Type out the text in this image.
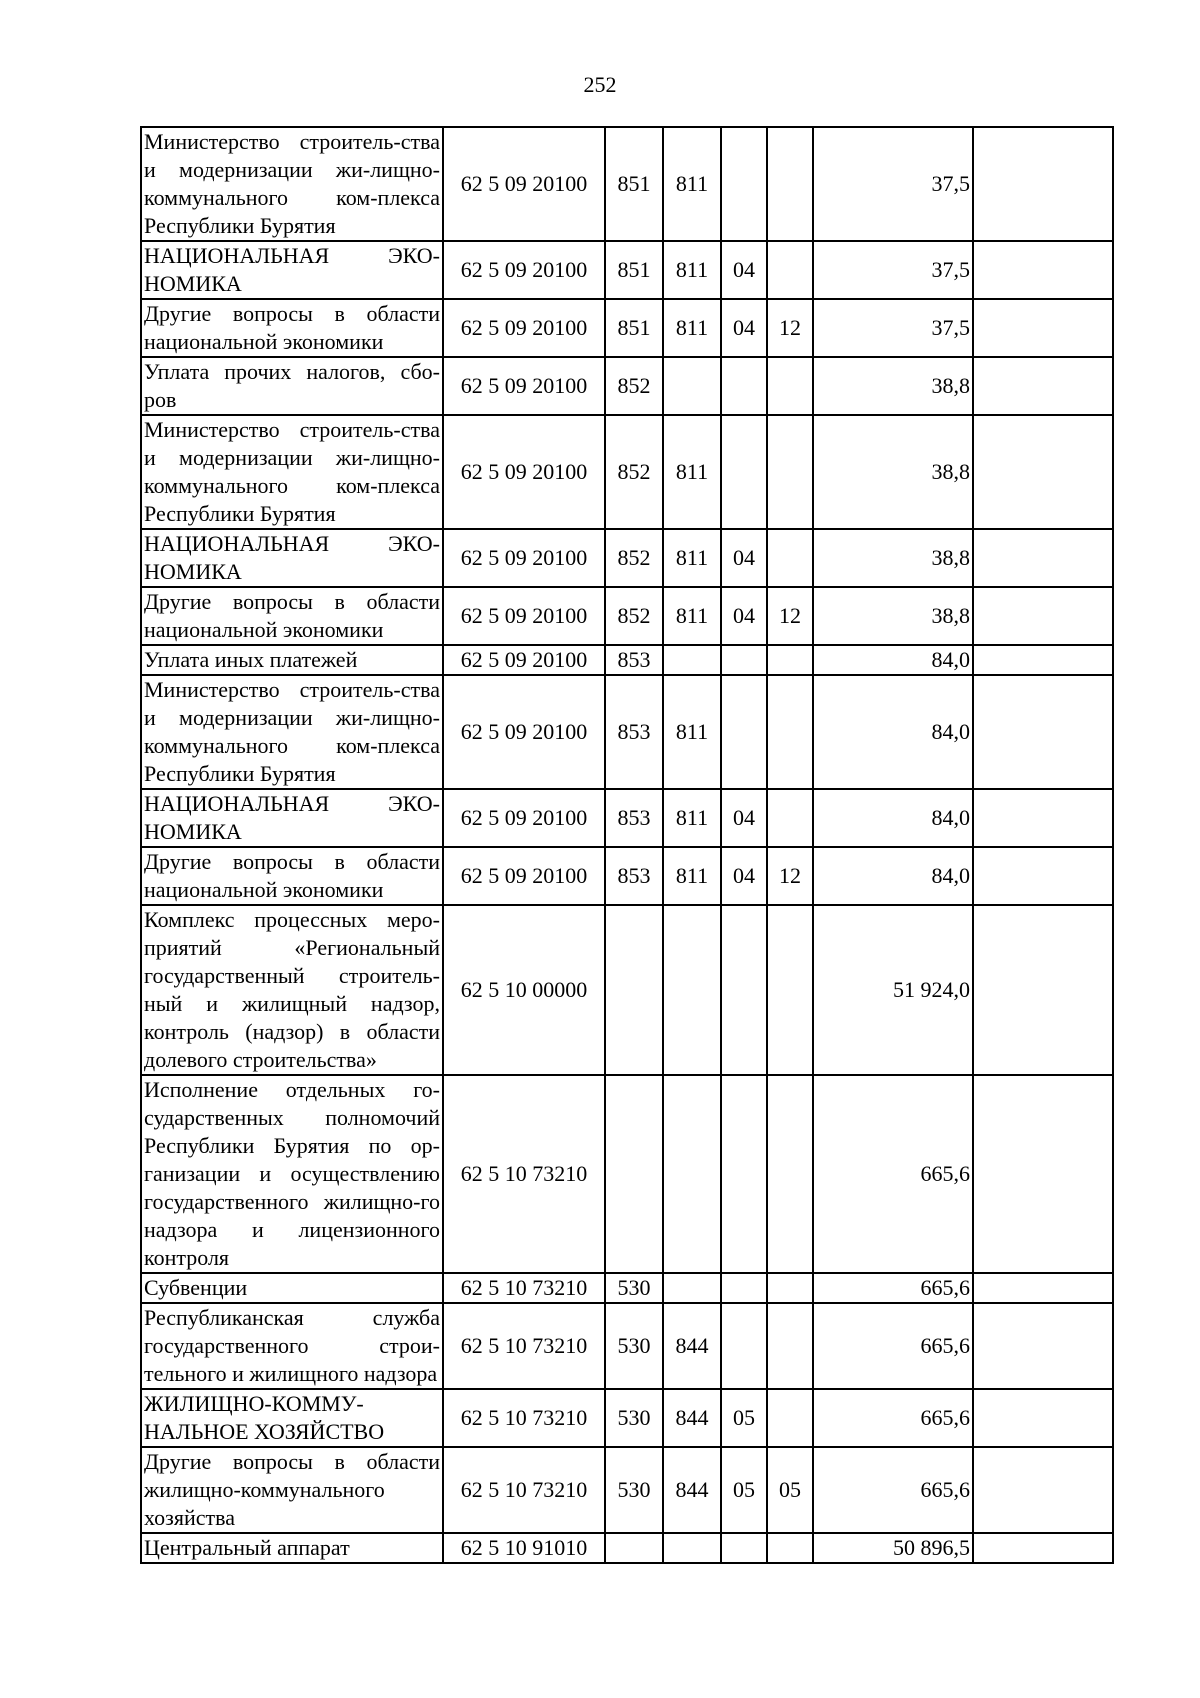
252
Министерство строитель-ства и модернизации жи-лищно-коммунального ком-плекса Республики Бурятия	62 5 09 20100	851	811			37,5	
НАЦИОНАЛЬНАЯ ЭКО-НОМИКА	62 5 09 20100	851	811	04		37,5	
Другие вопросы в области национальной экономики	62 5 09 20100	851	811	04	12	37,5	
Уплата прочих налогов, сбо-ров	62 5 09 20100	852				38,8	
Министерство строитель-ства и модернизации жи-лищно-коммунального ком-плекса Республики Бурятия	62 5 09 20100	852	811			38,8	
НАЦИОНАЛЬНАЯ ЭКО-НОМИКА	62 5 09 20100	852	811	04		38,8	
Другие вопросы в области национальной экономики	62 5 09 20100	852	811	04	12	38,8	
Уплата иных платежей	62 5 09 20100	853				84,0	
Министерство строитель-ства и модернизации жи-лищно-коммунального ком-плекса Республики Бурятия	62 5 09 20100	853	811			84,0	
НАЦИОНАЛЬНАЯ ЭКО-НОМИКА	62 5 09 20100	853	811	04		84,0	
Другие вопросы в области национальной экономики	62 5 09 20100	853	811	04	12	84,0	
Комплекс процессных меро-приятий «Региональный государственный строитель-ный и жилищный надзор, контроль (надзор) в области долевого строительства»	62 5 10 00000					51 924,0	
Исполнение отдельных го-сударственных полномочий Республики Бурятия по ор-ганизации и осуществлению государственного жилищно-го надзора и лицензионного контроля	62 5 10 73210					665,6	
Субвенции	62 5 10 73210	530				665,6	
Республиканская служба государственного строи-тельного и жилищного надзора	62 5 10 73210	530	844			665,6	
ЖИЛИЩНО-КОММУ-НАЛЬНОЕ ХОЗЯЙСТВО	62 5 10 73210	530	844	05		665,6	
Другие вопросы в области жилищно-коммунального хозяйства	62 5 10 73210	530	844	05	05	665,6	
Центральный аппарат	62 5 10 91010					50 896,5	
